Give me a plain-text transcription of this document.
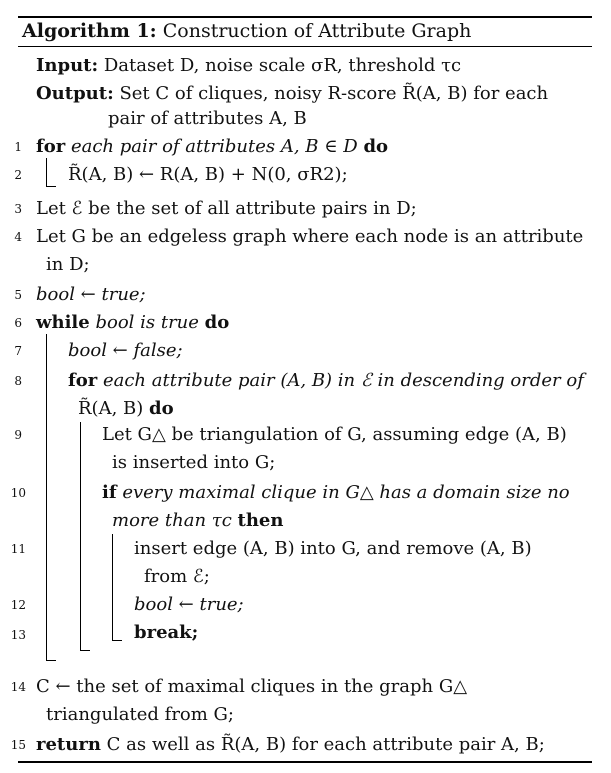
Algorithm 1: Construction of Attribute Graph
Input: Dataset D, noise scale σR, threshold τc
Output: Set C of cliques, noisy R-score R̃(A, B) for each
pair of attributes A, B
1 for each pair of attributes A, B ∈ D do
2	R̃(A, B) ← R(A, B) + N(0, σR2);
3 Let ℰ be the set of all attribute pairs in D;
4 Let G be an edgeless graph where each node is an attribute
in D;
5 bool ← true;
6 while bool is true do
7	bool ← false;
8	for each attribute pair (A, B) in ℰ in descending order of
R̃(A, B) do
9	Let G△ be triangulation of G, assuming edge (A, B)
is inserted into G;
10	if every maximal clique in G△ has a domain size no
more than τc then
11	insert edge (A, B) into G, and remove (A, B)
from ℰ;
12	bool ← true;
13	break;
14 C ← the set of maximal cliques in the graph G△
triangulated from G;
15 return C as well as R̃(A, B) for each attribute pair A, B;
